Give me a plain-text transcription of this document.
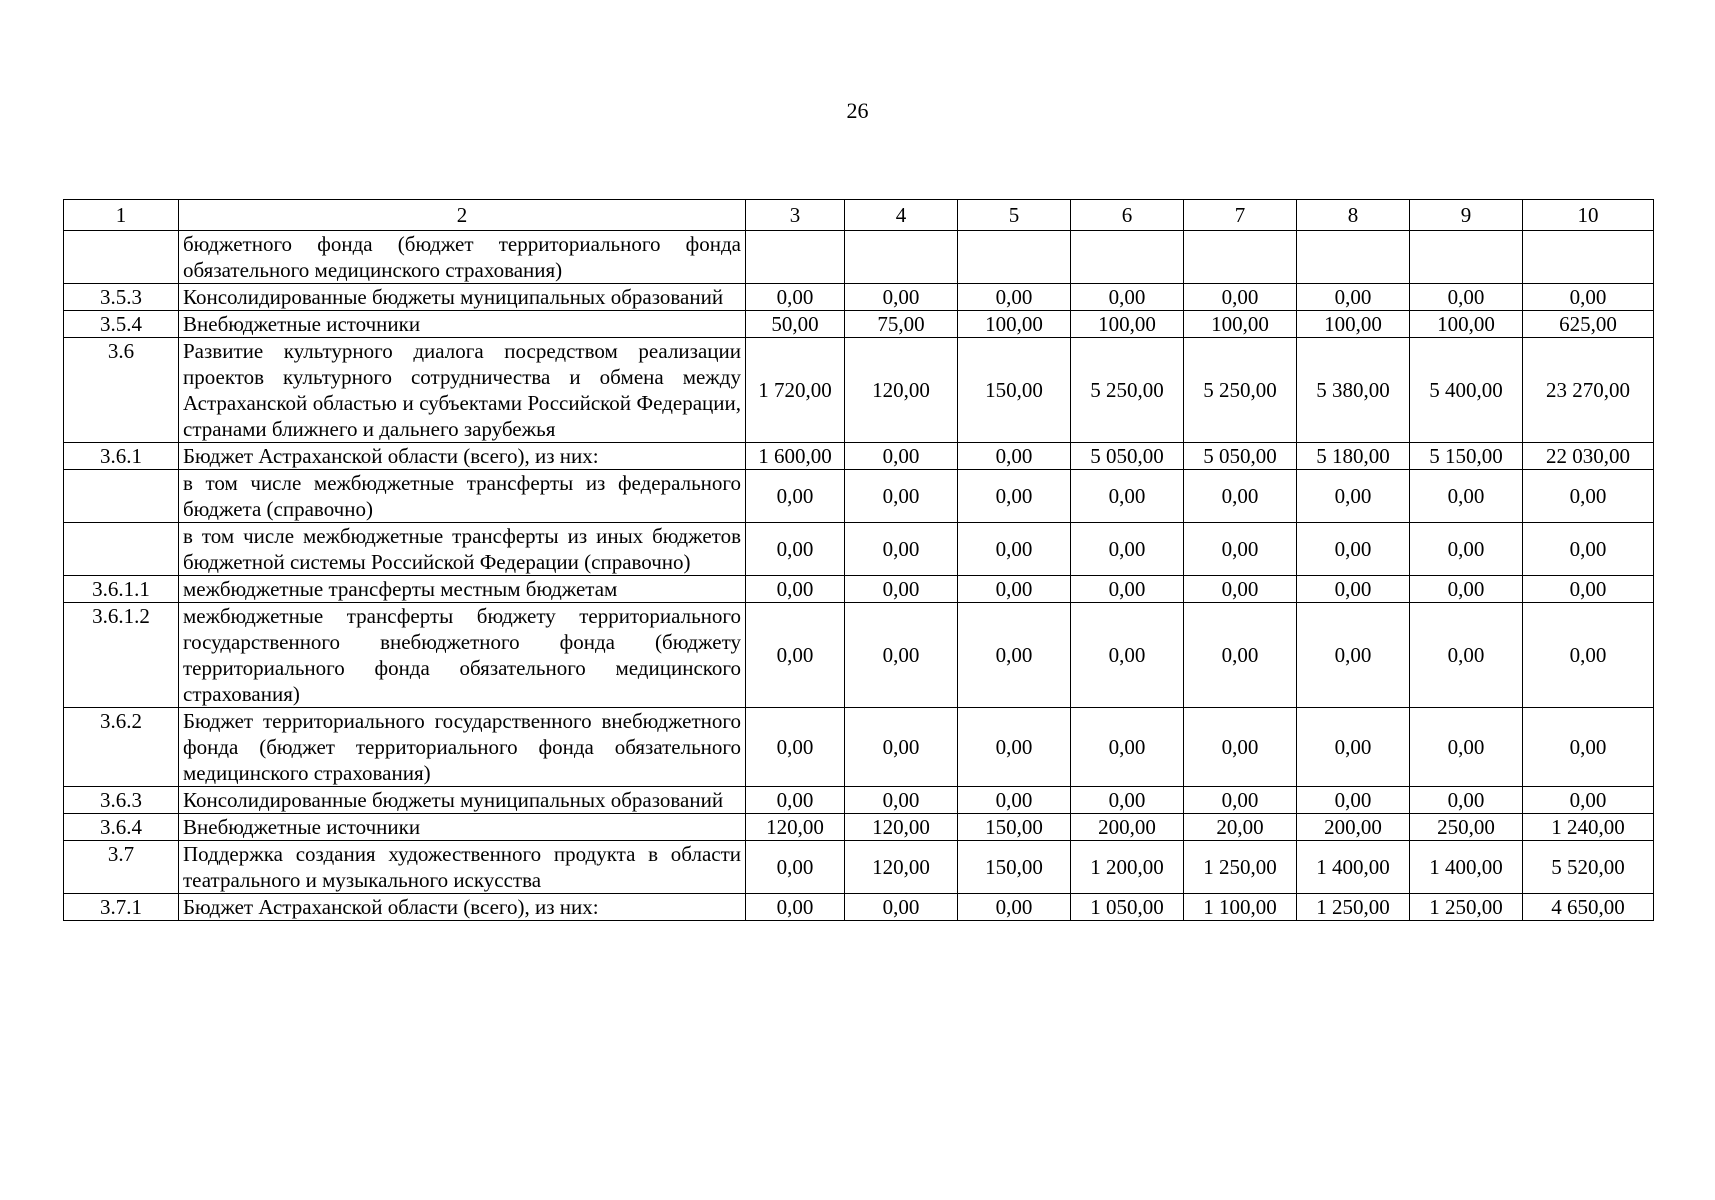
26
1	2	3	4	5	6	7	8	9	10
	бюджетного фонда (бюджет территориального фонда обязательного медицинского страхования)								
3.5.3	Консолидированные бюджеты муниципальных образований	0,00	0,00	0,00	0,00	0,00	0,00	0,00	0,00
3.5.4	Внебюджетные источники	50,00	75,00	100,00	100,00	100,00	100,00	100,00	625,00
3.6	Развитие культурного диалога посредством реализации проектов культурного сотрудничества и обмена между Астраханской областью и субъектами Российской Федерации, странами ближнего и дальнего зарубежья	1 720,00	120,00	150,00	5 250,00	5 250,00	5 380,00	5 400,00	23 270,00
3.6.1	Бюджет Астраханской области (всего), из них:	1 600,00	0,00	0,00	5 050,00	5 050,00	5 180,00	5 150,00	22 030,00
	в том числе межбюджетные трансферты из федерального бюджета (справочно)	0,00	0,00	0,00	0,00	0,00	0,00	0,00	0,00
	в том числе межбюджетные трансферты из иных бюджетов бюджетной системы Российской Федерации (справочно)	0,00	0,00	0,00	0,00	0,00	0,00	0,00	0,00
3.6.1.1	межбюджетные трансферты местным бюджетам	0,00	0,00	0,00	0,00	0,00	0,00	0,00	0,00
3.6.1.2	межбюджетные трансферты бюджету территориального государственного внебюджетного фонда (бюджету территориального фонда обязательного медицинского страхования)	0,00	0,00	0,00	0,00	0,00	0,00	0,00	0,00
3.6.2	Бюджет территориального государственного внебюджетного фонда (бюджет территориального фонда обязательного медицинского страхования)	0,00	0,00	0,00	0,00	0,00	0,00	0,00	0,00
3.6.3	Консолидированные бюджеты муниципальных образований	0,00	0,00	0,00	0,00	0,00	0,00	0,00	0,00
3.6.4	Внебюджетные источники	120,00	120,00	150,00	200,00	20,00	200,00	250,00	1 240,00
3.7	Поддержка создания художественного продукта в области театрального и музыкального искусства	0,00	120,00	150,00	1 200,00	1 250,00	1 400,00	1 400,00	5 520,00
3.7.1	Бюджет Астраханской области (всего), из них:	0,00	0,00	0,00	1 050,00	1 100,00	1 250,00	1 250,00	4 650,00
